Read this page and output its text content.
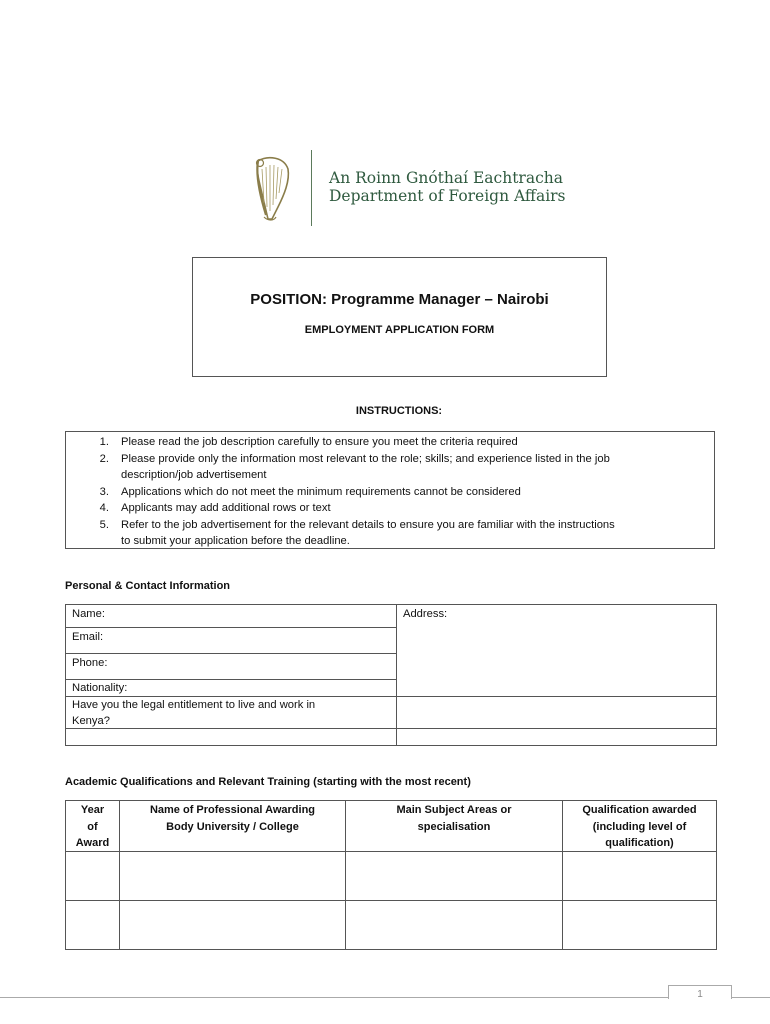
An Roinn Gnóthaí Eachtracha
Department of Foreign Affairs
POSITION: Programme Manager – Nairobi
EMPLOYMENT APPLICATION FORM
INSTRUCTIONS:
1. Please read the job description carefully to ensure you meet the criteria required
2. Please provide only the information most relevant to the role; skills; and experience listed in the job
description/job advertisement
3. Applications which do not meet the minimum requirements cannot be considered
4. Applicants may add additional rows or text
5. Refer to the job advertisement for the relevant details to ensure you are familiar with the instructions
to submit your application before the deadline.
Personal & Contact Information
Name:
Email:
Phone:
Nationality:
Address:
Have you the legal entitlement to live and work in
Kenya?
Academic Qualifications and Relevant Training (starting with the most recent)
Year
of
Award
Name of Professional Awarding
Body University / College
Main Subject Areas or
specialisation
Qualification awarded
(including level of
qualification)
1
